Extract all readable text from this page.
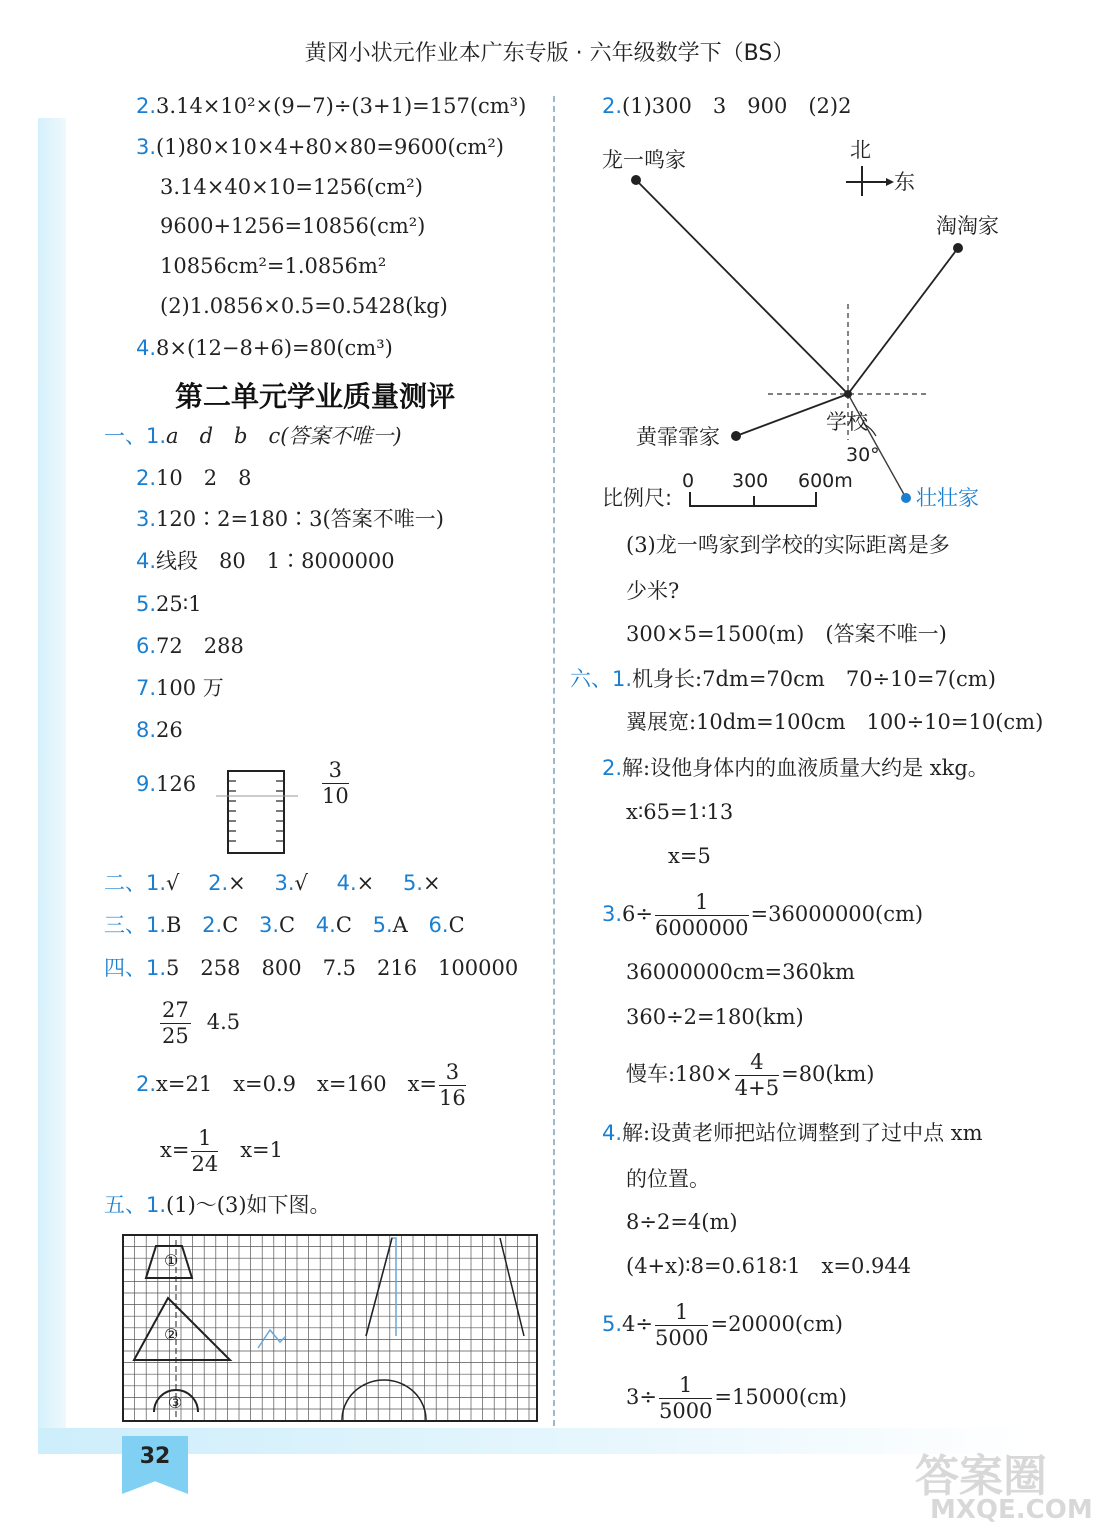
黄冈小状元作业本广东专版 · 六年级数学下（BS）
2.3.14×10²×(9−7)÷(3+1)=157(cm³)
3.(1)80×10×4+80×80=9600(cm²)
3.14×40×10=1256(cm²)
9600+1256=10856(cm²)
10856cm²=1.0856m²
(2)1.0856×0.5=0.5428(kg)
4.8×(12−8+6)=80(cm³)
第二单元学业质量测评
一、1.a　d　b　c(答案不唯一)
2.10　2　8
3.120∶2=180∶3(答案不唯一)
4.线段　80　1∶8000000
5.25∶1
6.72　288
7.100 万
8.26
9.126	$\frac{3}{10}$
二、1.√ 2.× 3.√ 4.× 5.×
三、1.B 2.C 3.C 4.C 5.A 6.C
四、1.5　258　800　7.5　216　100000
$\frac{27}{25} 4.5$
2.x=21　x=0.9　x=160　$x= \frac{3}{16}$
$x= \frac{1}{24} x=1$
五、1.(1)～(3)如下图。
①
②
③
2.(1)300　3　900　(2)2
龙一鸣家	北
东
淘淘家
学校
黄霏霏家
30°
壮壮家
比例尺:
0 300 600m
(3)龙一鸣家到学校的实际距离是多
少米?
300×5=1500(m)　(答案不唯一)
六、1.机身长:7dm=70cm　70÷10=7(cm)
翼展宽:10dm=100cm　100÷10=10(cm)
2.解:设他身体内的血液质量大约是 xkg。
x∶65=1∶13
x=5
$3.6\div \frac{1}{6000000} =36000000(cm)$
36000000cm=360km
360÷2=180(km)
慢车:180× $\frac{4}{4+5} =80(km)$
4.解:设黄老师把站位调整到了过中点 xm
的位置。
8÷2=4(m)
(4+x)∶8=0.618∶1　x=0.944
$5.4\div \frac{1}{5000} =20000(cm)$
$3\div \frac{1}{5000} =15000(cm)$
32	答案圈
MXQE.COM
